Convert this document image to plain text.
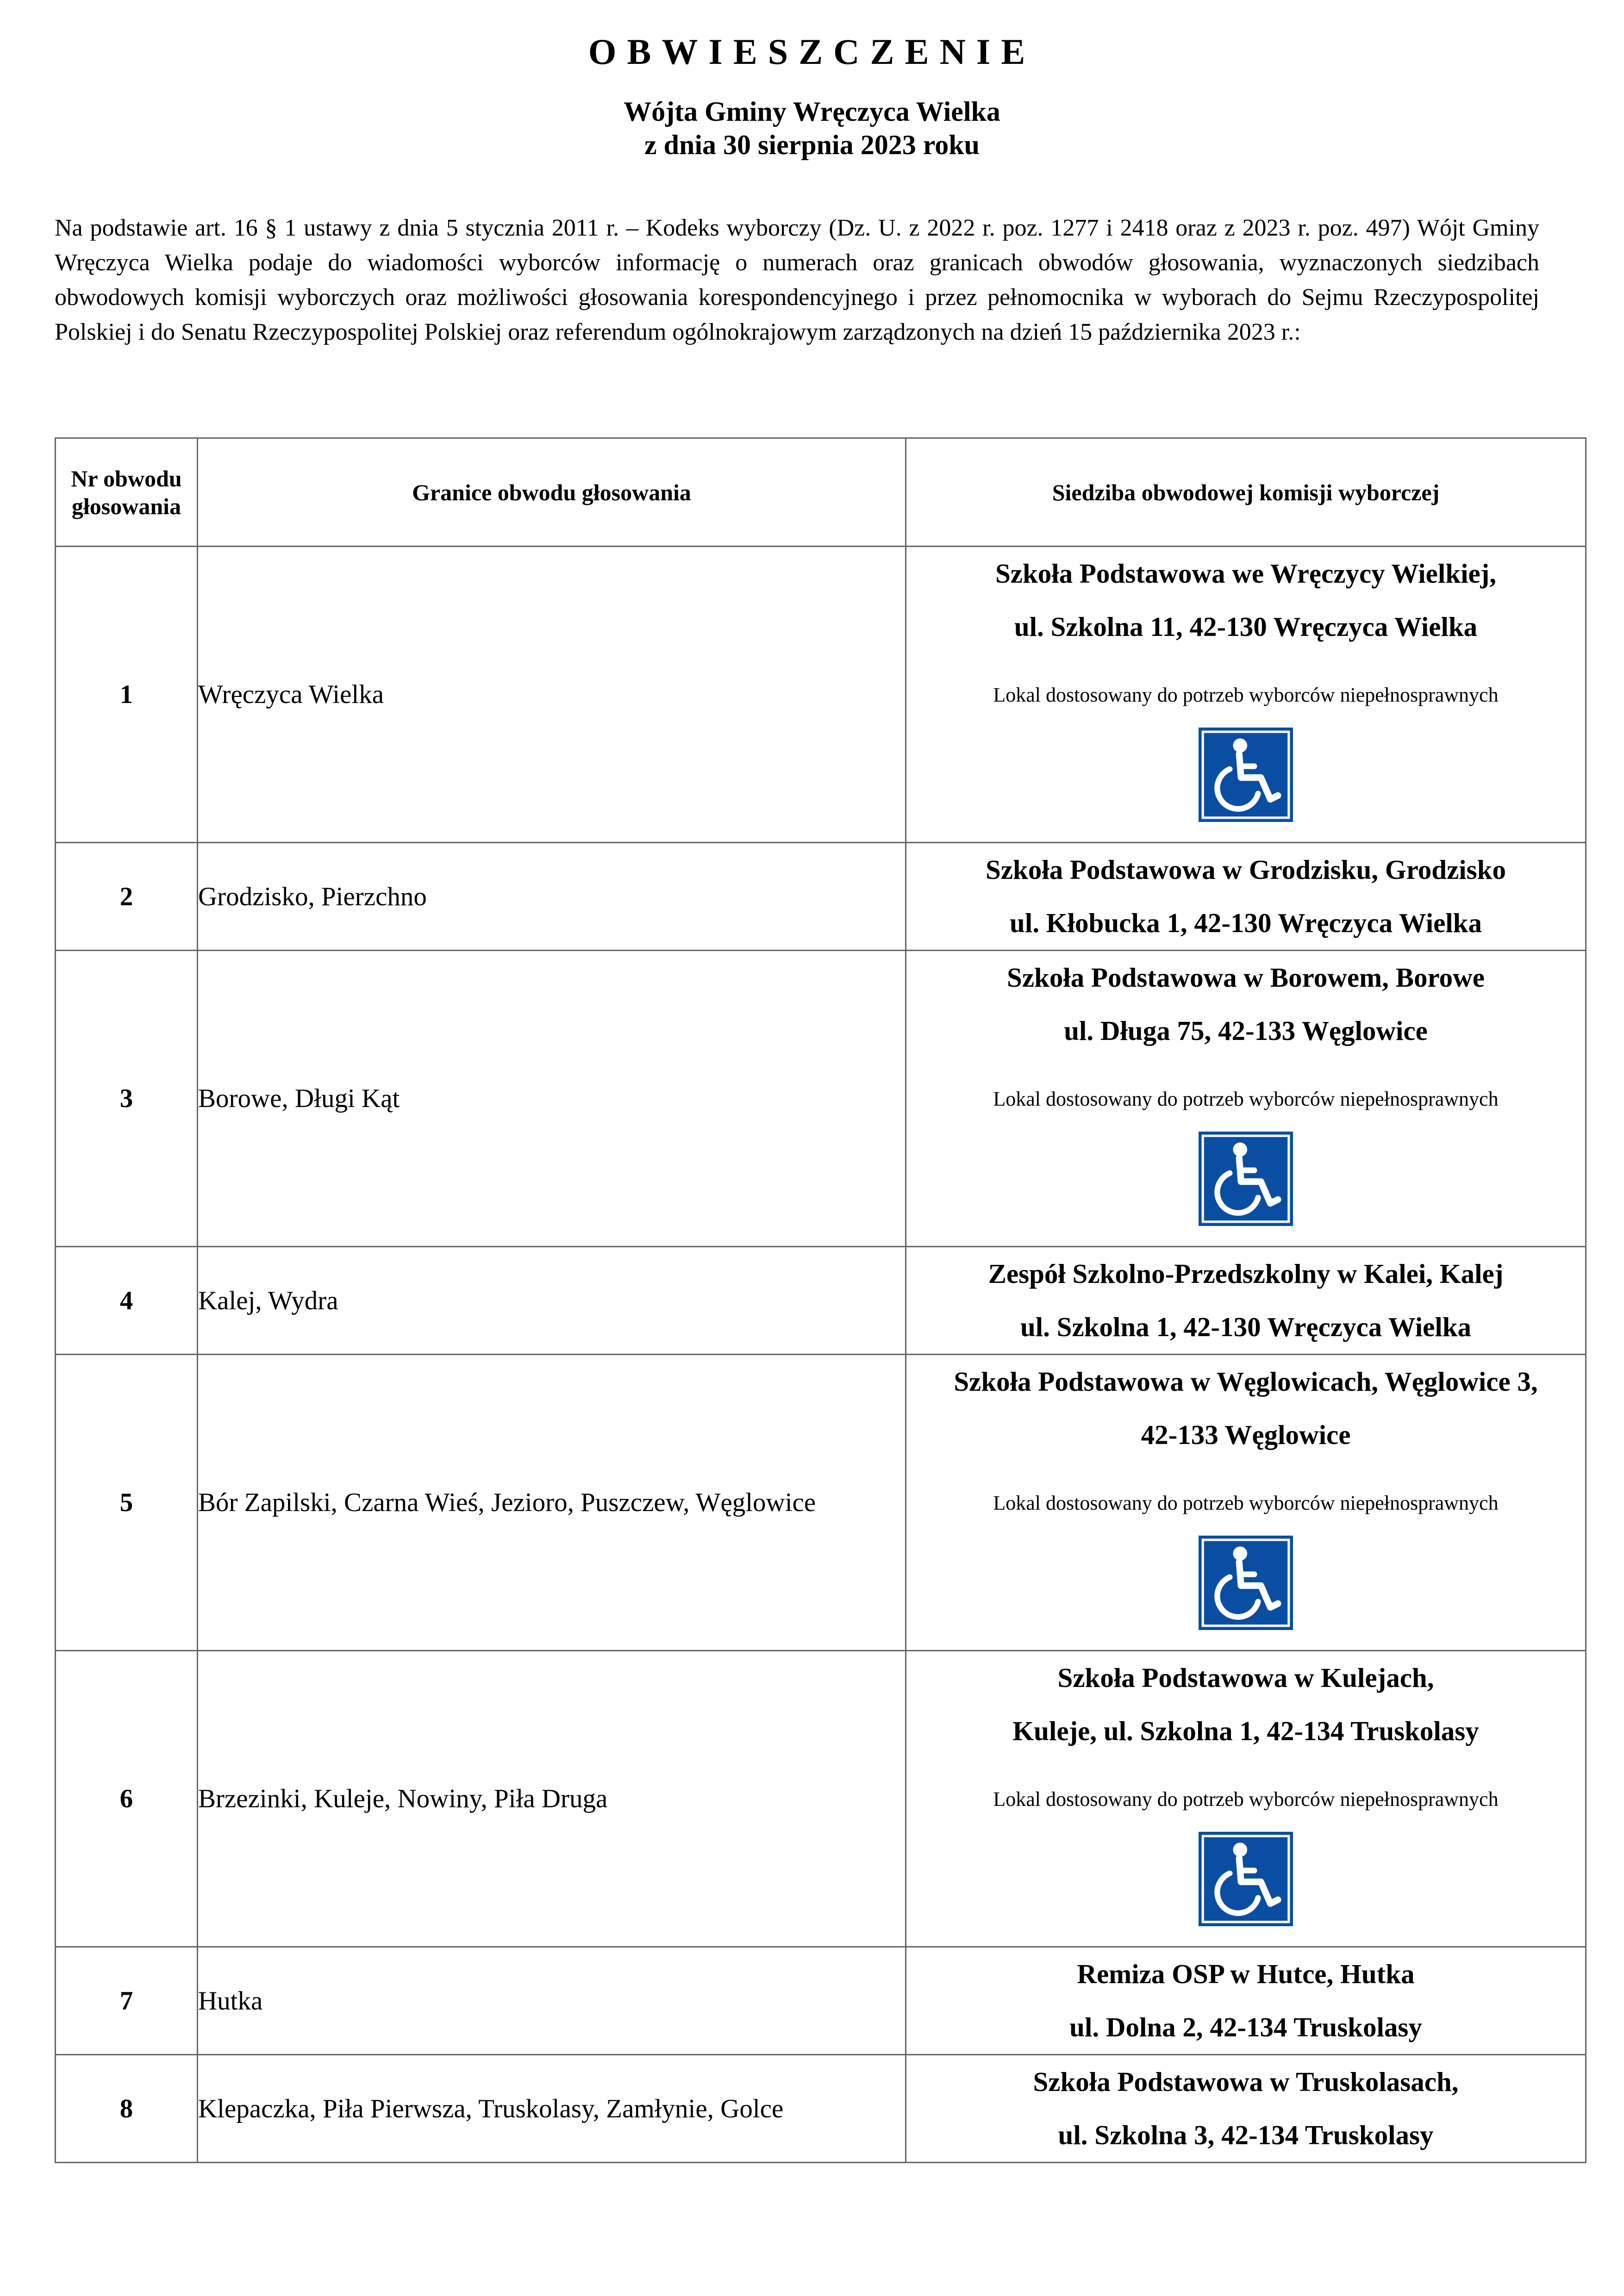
OBWIESZCZENIE
Wójta Gminy Wręczyca Wielka
z dnia 30 sierpnia 2023 roku

Na podstawie art. 16 § 1 ustawy z dnia 5 stycznia 2011 r. – Kodeks wyborczy (Dz. U. z 2022 r. poz. 1277 i 2418 oraz z 2023 r. poz. 497) Wójt Gminy Wręczyca Wielka podaje do wiadomości wyborców informację o numerach oraz granicach obwodów głosowania, wyznaczonych siedzibach obwodowych komisji wyborczych oraz możliwości głosowania korespondencyjnego i przez pełnomocnika w wyborach do Sejmu Rzeczypospolitej Polskiej i do Senatu Rzeczypospolitej Polskiej oraz referendum ogólnokrajowym zarządzonych na dzień 15 października 2023 r.:

Nr obwodu
głosowania	Granice obwodu głosowania	Siedziba obwodowej komisji wyborczej
1	Wręczyca Wielka	Szkoła Podstawowa we Wręczycy Wielkiej,

ul. Szkolna 11, 42-130 Wręczyca Wielka

Lokal dostosowany do potrzeb wyborców niepełnosprawnych

2	Grodzisko, Pierzchno	Szkoła Podstawowa w Grodzisku, Grodzisko

ul. Kłobucka 1, 42-130 Wręczyca Wielka

3	Borowe, Długi Kąt	Szkoła Podstawowa w Borowem, Borowe

ul. Długa 75, 42-133 Węglowice

Lokal dostosowany do potrzeb wyborców niepełnosprawnych

4	Kalej, Wydra	Zespół Szkolno-Przedszkolny w Kalei, Kalej

ul. Szkolna 1, 42-130 Wręczyca Wielka

5	Bór Zapilski, Czarna Wieś, Jezioro, Puszczew, Węglowice	Szkoła Podstawowa w Węglowicach, Węglowice 3,

42-133 Węglowice

Lokal dostosowany do potrzeb wyborców niepełnosprawnych

6	Brzezinki, Kuleje, Nowiny, Piła Druga	Szkoła Podstawowa w Kulejach,

Kuleje, ul. Szkolna 1, 42-134 Truskolasy

Lokal dostosowany do potrzeb wyborców niepełnosprawnych

7	Hutka	Remiza OSP w Hutce, Hutka

ul. Dolna 2, 42-134 Truskolasy

8	Klepaczka, Piła Pierwsza, Truskolasy, Zamłynie, Golce	Szkoła Podstawowa w Truskolasach,

ul. Szkolna 3, 42-134 Truskolasy
